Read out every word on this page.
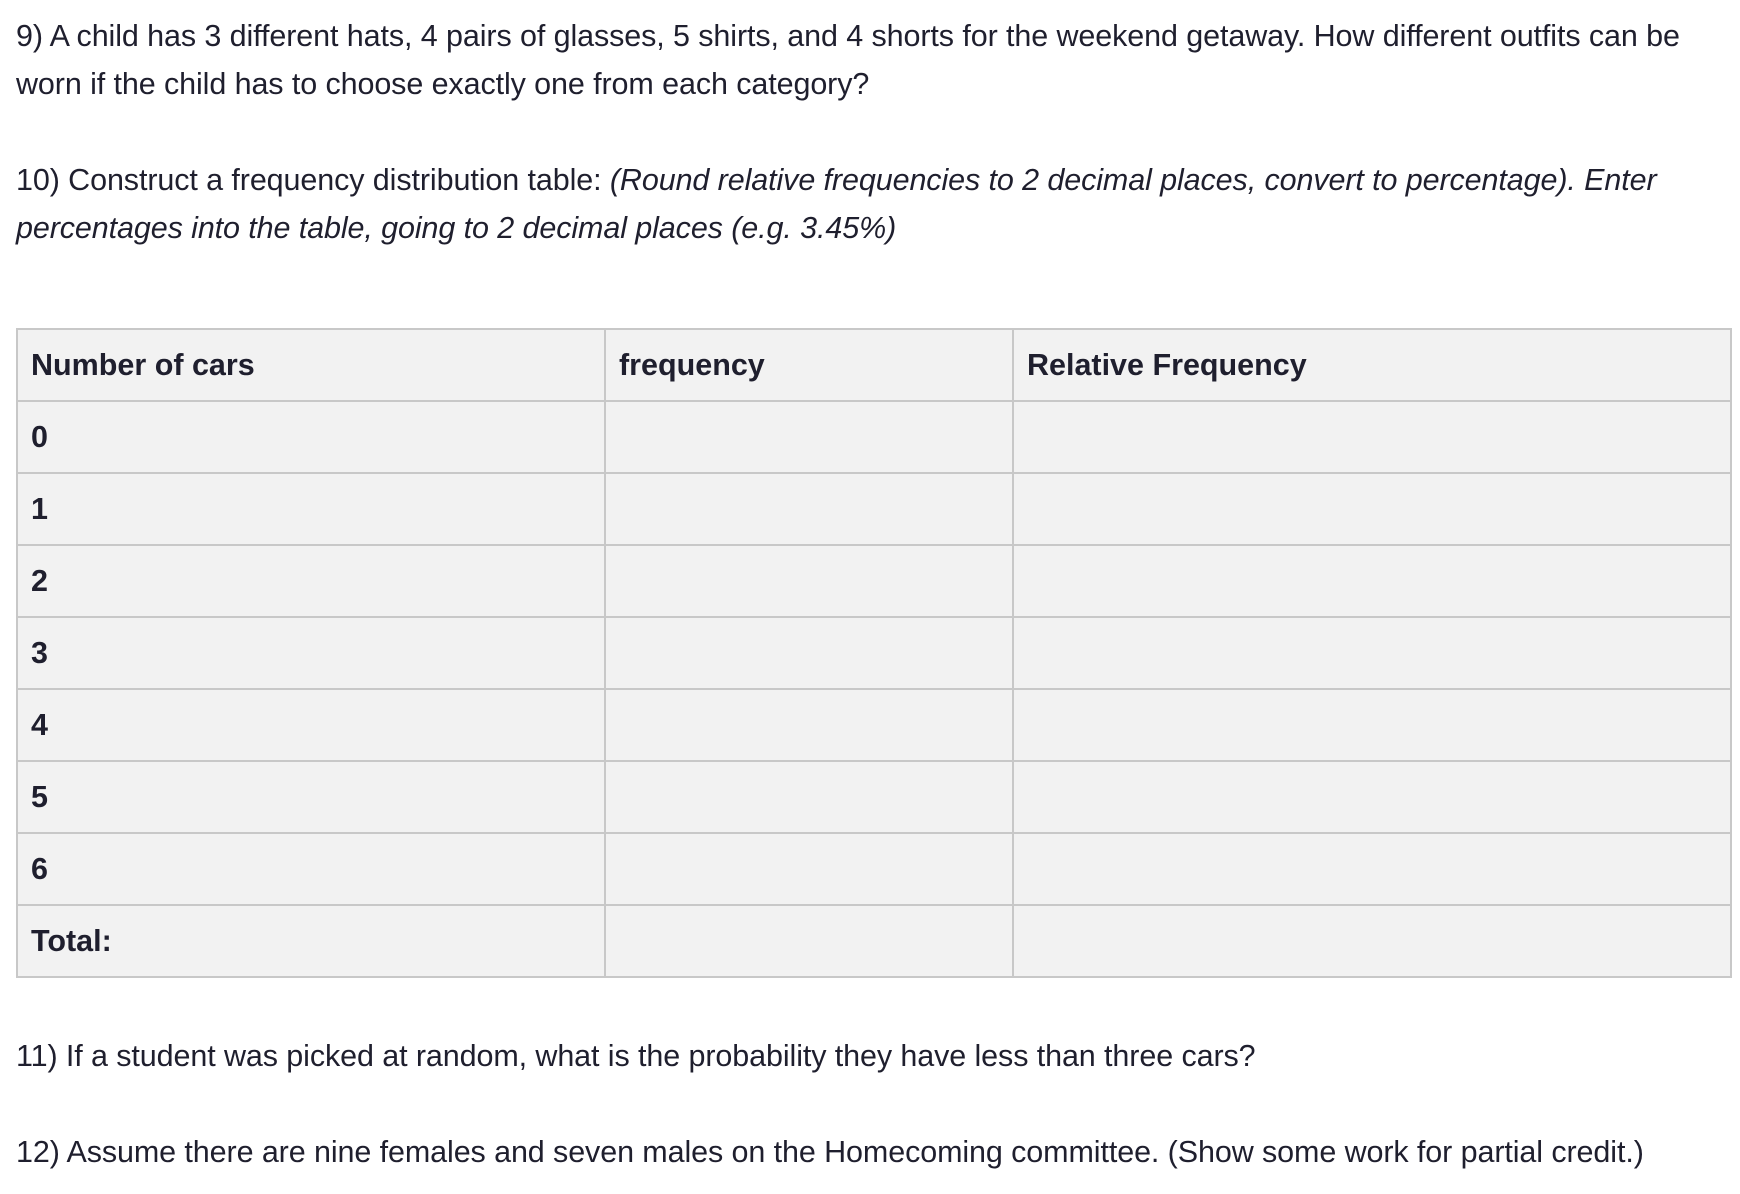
9) A child has 3 different hats, 4 pairs of glasses, 5 shirts, and 4 shorts for the weekend getaway. How different outfits can be worn if the child has to choose exactly one from each category?

10) Construct a frequency distribution table: (Round relative frequencies to 2 decimal places, convert to percentage). Enter percentages into the table, going to 2 decimal places (e.g. 3.45%)

Number of cars	frequency	Relative Frequency
0		
1		
2		
3		
4		
5		
6		
Total:		

11) If a student was picked at random, what is the probability they have less than three cars?

12) Assume there are nine females and seven males on the Homecoming committee. (Show some work for partial credit.)
